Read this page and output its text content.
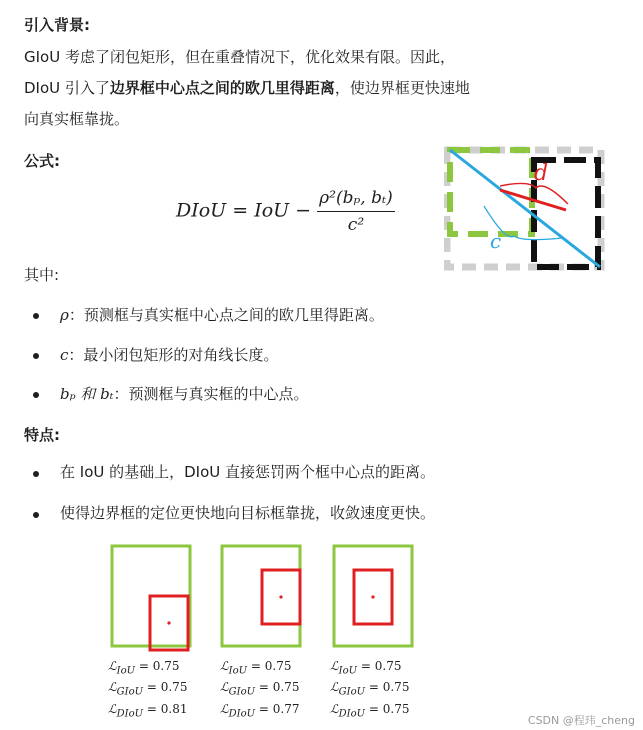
引入背景:
GIoU 考虑了闭包矩形，但在重叠情况下，优化效果有限。因此，
DIoU 引入了边界框中心点之间的欧几里得距离，使边界框更快速地
向真实框靠拢。
公式:
DIoU = IoU − $\frac{\text{ρ²(bₚ, bₜ)}}{\text{c²}}$
d
c
其中:
ρ：预测框与真实框中心点之间的欧几里得距离。
c：最小闭包矩形的对角线长度。
bₚ 和 bₜ：预测框与真实框的中心点。
特点:
在 IoU 的基础上，DIoU 直接惩罚两个框中心点的距离。
使得边界框的定位更快地向目标框靠拢，收敛速度更快。
ℒ$_{IoU}$ = 0.75
ℒ$_{GIoU}$ = 0.75
ℒ$_{DIoU}$ = 0.81
ℒ$_{IoU}$ = 0.75
ℒ$_{GIoU}$ = 0.75
ℒ$_{DIoU}$ = 0.77
ℒ$_{IoU}$ = 0.75
ℒ$_{GIoU}$ = 0.75
ℒ$_{DIoU}$ = 0.75
CSDN @程玮_cheng
